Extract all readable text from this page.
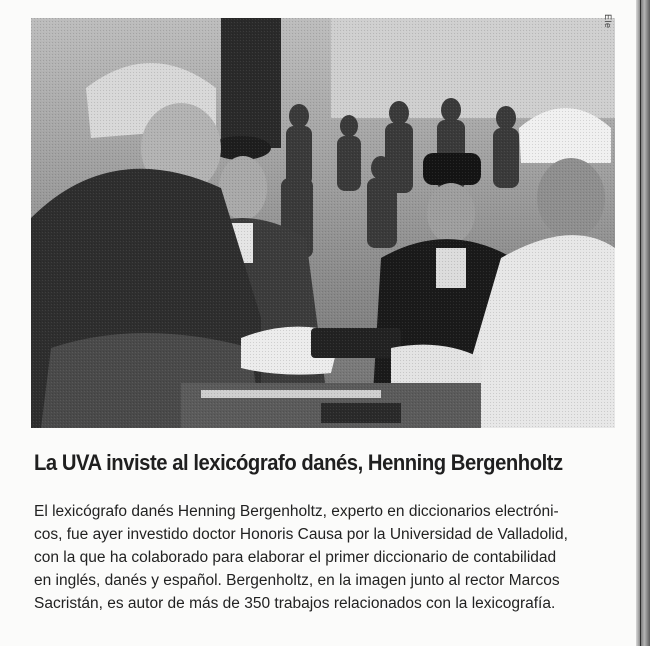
La UVA inviste al lexicógrafo danés, Henning Bergenholtz

El lexicógrafo danés Henning Bergenholtz, experto en diccionarios electróni-
cos, fue ayer investido doctor Honoris Causa por la Universidad de Valladolid,
con la que ha colaborado para elaborar el primer diccionario de contabilidad
en inglés, danés y español. Bergenholtz, en la imagen junto al rector Marcos
Sacristán, es autor de más de 350 trabajos relacionados con la lexicografía.

Ele
